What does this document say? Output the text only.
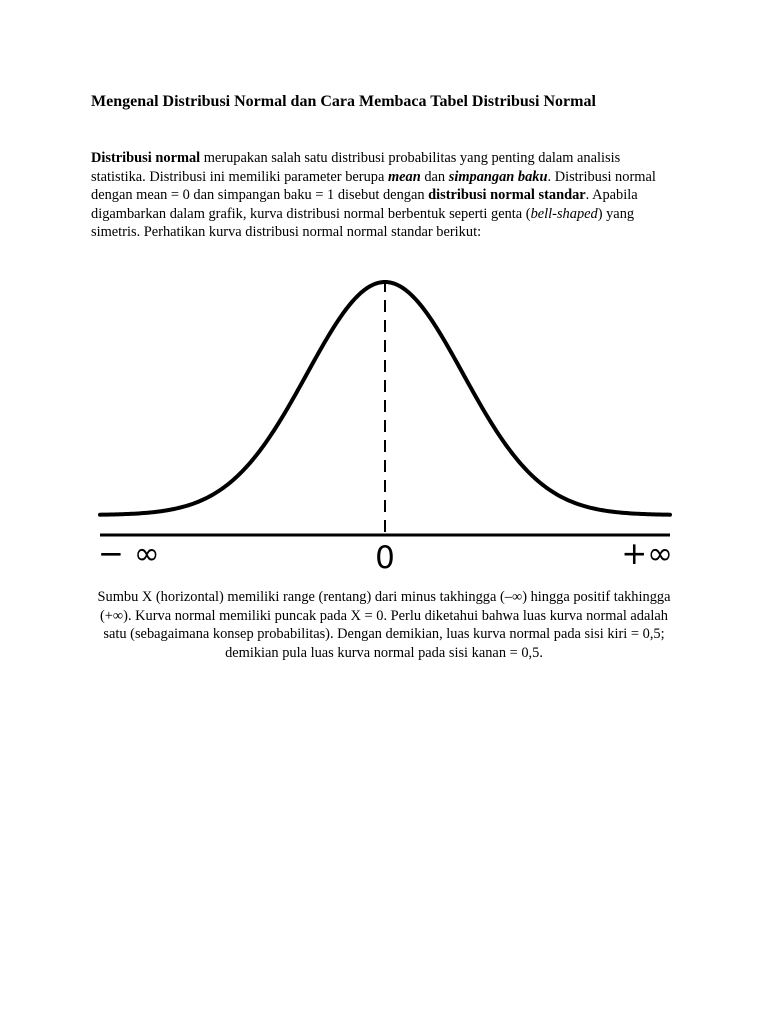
Mengenal Distribusi Normal dan Cara Membaca Tabel Distribusi Normal

Distribusi normal merupakan salah satu distribusi probabilitas yang penting dalam analisis statistika. Distribusi ini memiliki parameter berupa mean dan simpangan baku. Distribusi normal dengan mean = 0 dan simpangan baku = 1 disebut dengan distribusi normal standar. Apabila digambarkan dalam grafik, kurva distribusi normal berbentuk seperti genta (bell-shaped) yang simetris. Perhatikan kurva distribusi normal normal standar berikut:

− ∞	0	+∞

Sumbu X (horizontal) memiliki range (rentang) dari minus takhingga (–∞) hingga positif takhingga (+∞). Kurva normal memiliki puncak pada X = 0. Perlu diketahui bahwa luas kurva normal adalah satu (sebagaimana konsep probabilitas). Dengan demikian, luas kurva normal pada sisi kiri = 0,5; demikian pula luas kurva normal pada sisi kanan = 0,5.
